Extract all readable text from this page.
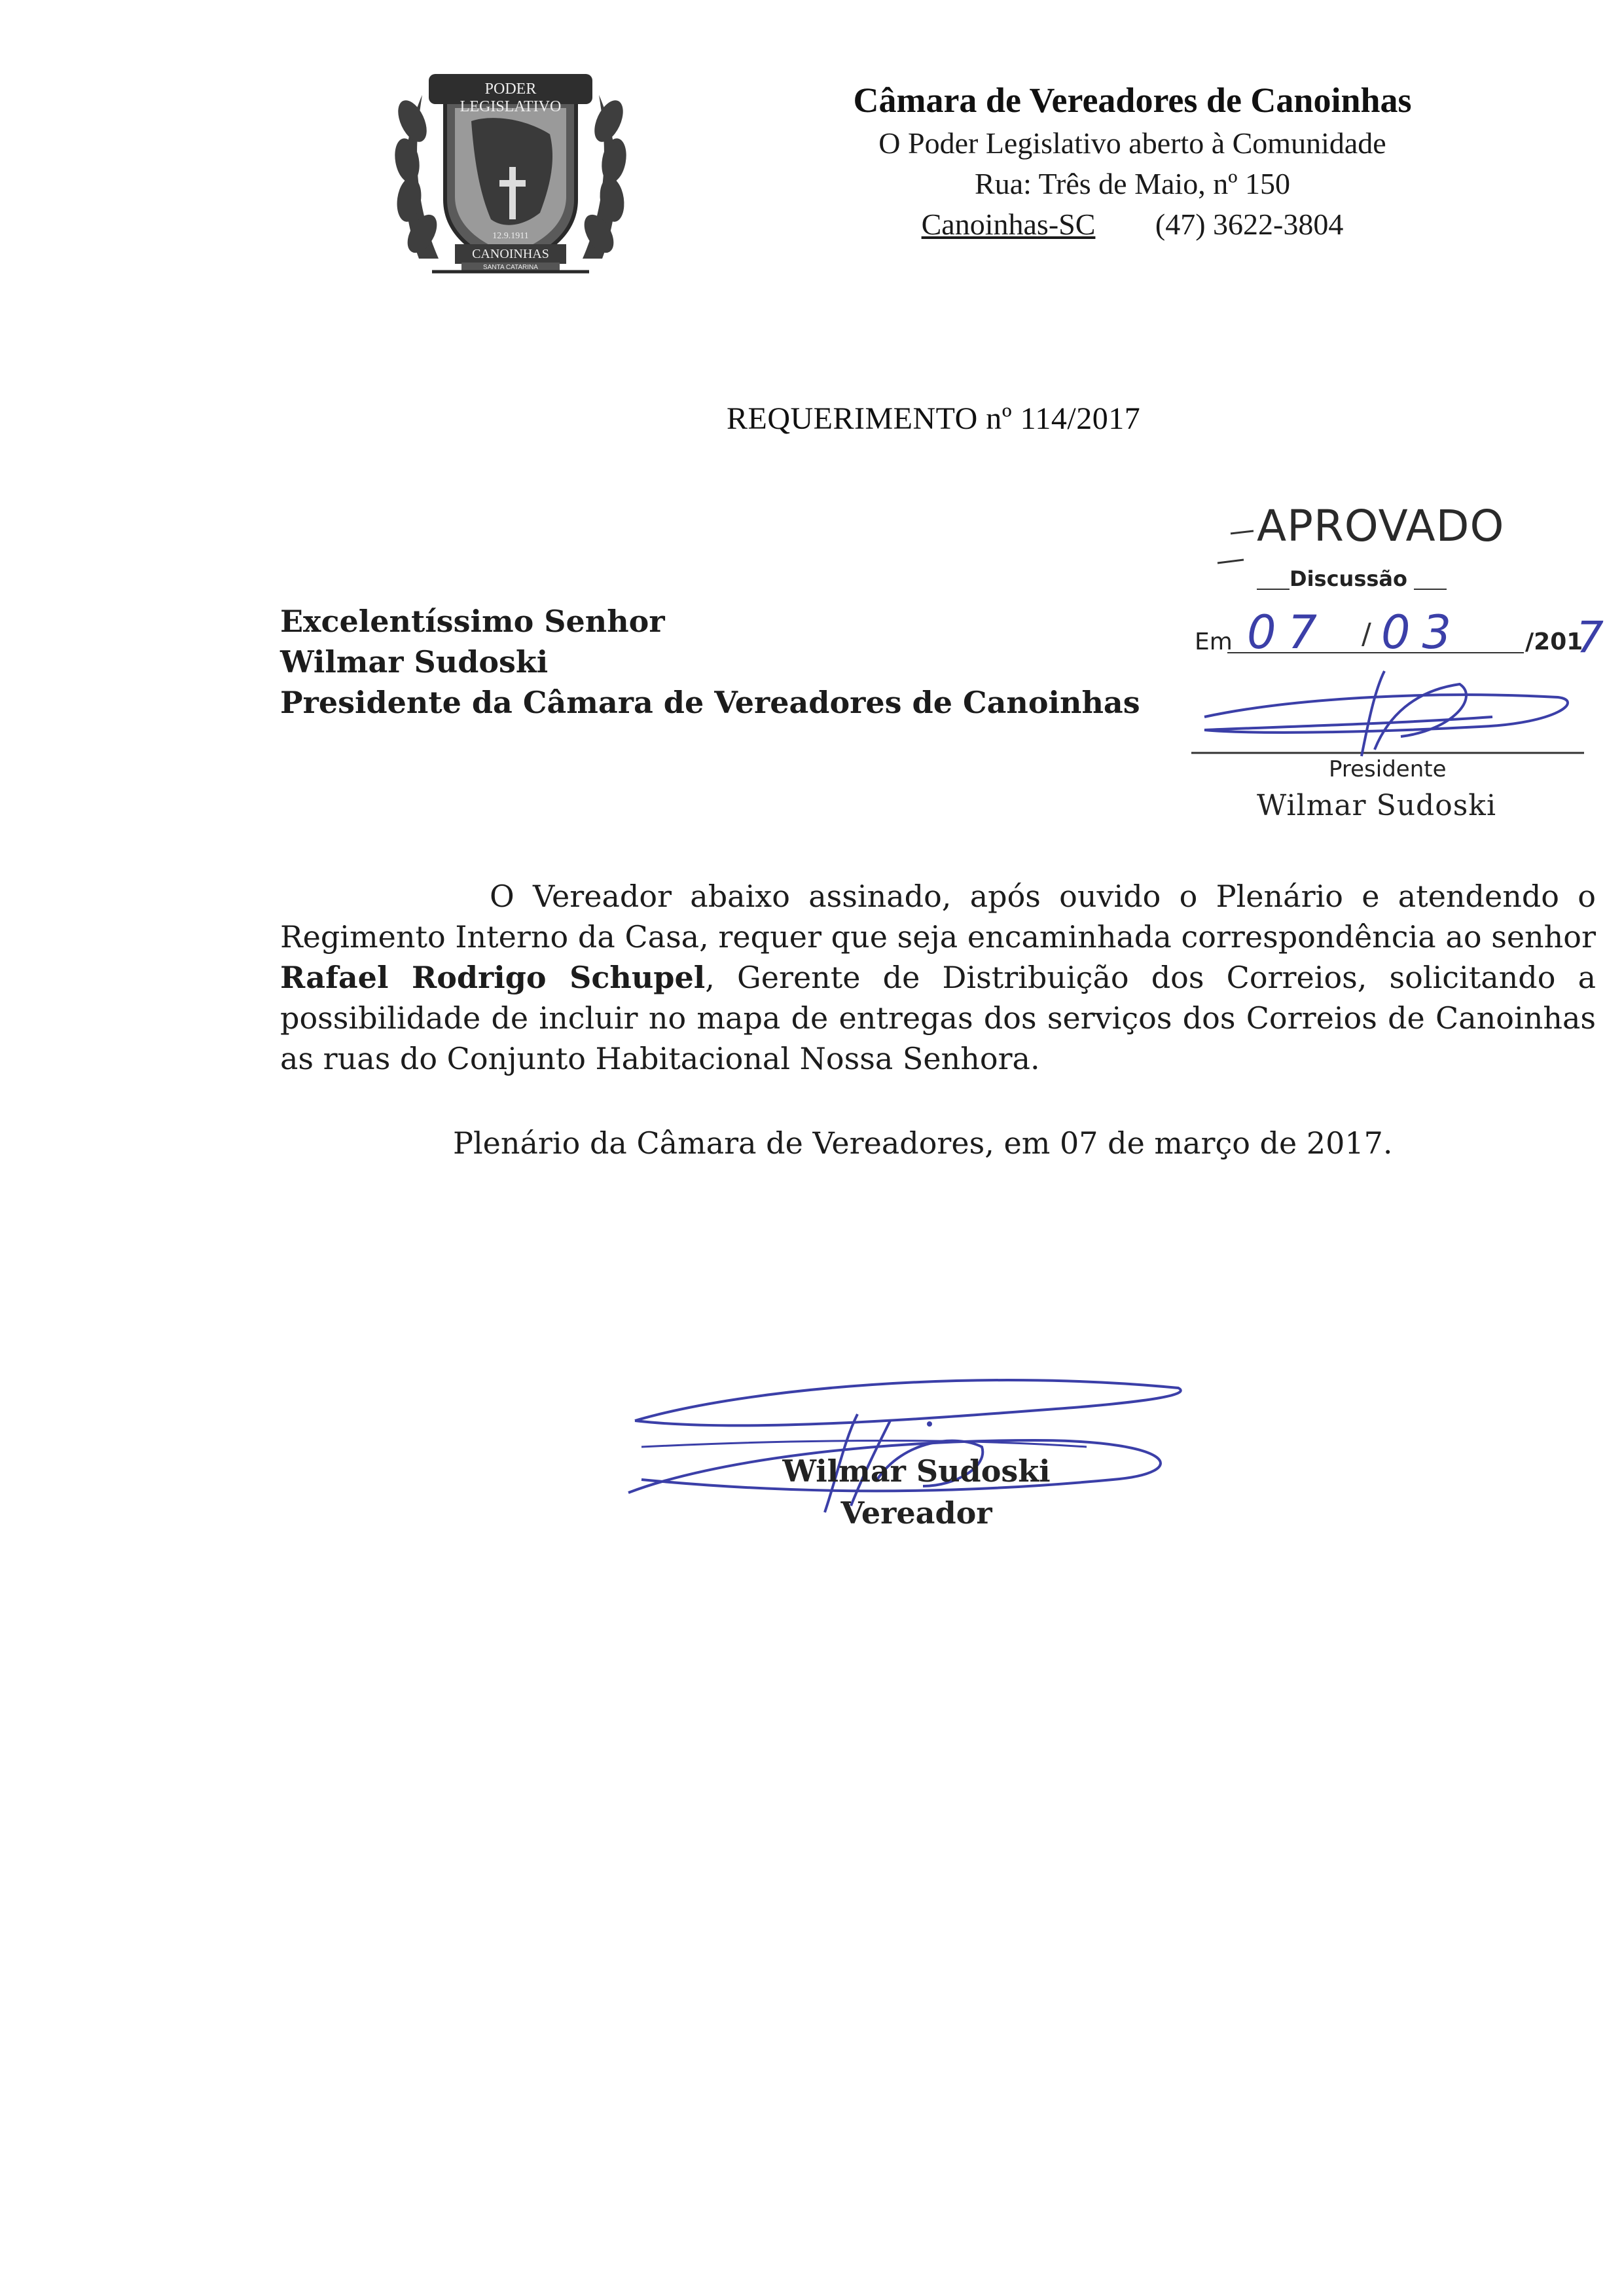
PODER LEGISLATIVO
12.9.1911
CANOINHAS
SANTA CATARINA
Câmara de Vereadores de Canoinhas
O Poder Legislativo aberto à Comunidade
Rua: Três de Maio, nº 150
Canoinhas-SC (47) 3622-3804
REQUERIMENTO nº 114/2017
Excelentíssimo Senhor
Wilmar Sudoski
Presidente da Câmara de Vereadores de Canoinhas
APROVADO
Discussão
Em 07 / 03	/201
7
Presidente
Wilmar Sudoski
O Vereador abaixo assinado, após ouvido o Plenário e atendendo o Regimento Interno da Casa, requer que seja encaminhada correspondência ao senhor Rafael Rodrigo Schupel, Gerente de Distribuição dos Correios, solicitando a possibilidade de incluir no mapa de entregas dos serviços dos Correios de Canoinhas as ruas do Conjunto Habitacional Nossa Senhora.
Plenário da Câmara de Vereadores, em 07 de março de 2017.
Wilmar Sudoski
Vereador
